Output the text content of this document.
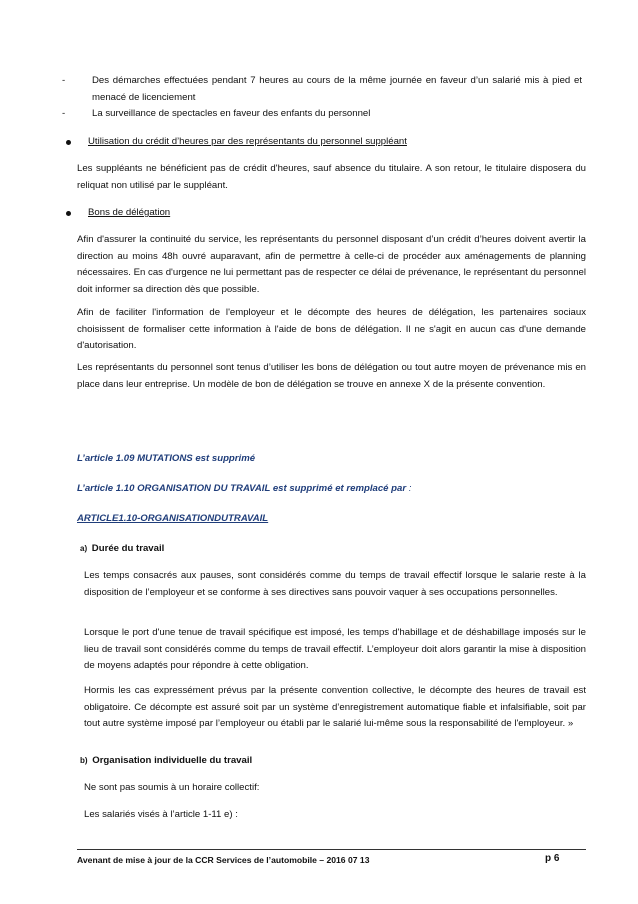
-	Des démarches effectuées pendant 7 heures au cours de la même journée en faveur d’un salarié mis à pied et menacé de licenciement
-	La surveillance de spectacles en faveur des enfants du personnel
Utilisation du crédit d’heures par des représentants du personnel suppléant
Les suppléants ne bénéficient pas de crédit d'heures, sauf absence du titulaire. A son retour, le titulaire disposera du reliquat non utilisé par le suppléant.
Bons de délégation
Afin d'assurer la continuité du service, les représentants du personnel disposant d’un crédit d’heures doivent avertir la direction au moins 48h ouvré auparavant, afin de permettre à celle-ci de procéder aux aménagements de planning nécessaires. En cas d'urgence ne lui permettant pas de respecter ce délai de prévenance, le représentant du personnel doit informer sa direction dès que possible.
Afin de faciliter l'information de l'employeur et le décompte des heures de délégation, les partenaires sociaux choisissent de formaliser cette information à l'aide de bons de délégation. Il ne s'agit en aucun cas d'une demande d'autorisation.
Les représentants du personnel sont tenus d’utiliser les bons de délégation ou tout autre moyen de prévenance mis en place dans leur entreprise. Un modèle de bon de délégation se trouve en annexe X de la présente convention.
L’article 1.09 MUTATIONS est supprimé
L’article 1.10 ORGANISATION DU TRAVAIL est supprimé et remplacé par :
ARTICLE1.10-ORGANISATIONDUTRAVAIL
a) Durée du travail
Les temps consacrés aux pauses, sont considérés comme du temps de travail effectif lorsque le salarie reste à la disposition de l’employeur et se conforme à ses directives sans pouvoir vaquer à ses occupations personnelles.
Lorsque le port d'une tenue de travail spécifique est imposé, les temps d'habillage et de déshabillage imposés sur le lieu de travail sont considérés comme du temps de travail effectif. L’employeur doit alors garantir la mise à disposition de moyens adaptés pour répondre à cette obligation.
Hormis les cas expressément prévus par la présente convention collective, le décompte des heures de travail est obligatoire. Ce décompte est assuré soit par un système d’enregistrement automatique fiable et infalsifiable, soit par tout autre système imposé par l’employeur ou établi par le salarié lui-même sous la responsabilité de l'employeur. »
b) Organisation individuelle du travail
Ne sont pas soumis à un horaire collectif:
Les salariés visés à l’article 1-11 e) :
Avenant de mise à jour de la CCR Services de l’automobile – 2016 07 13	p 6
